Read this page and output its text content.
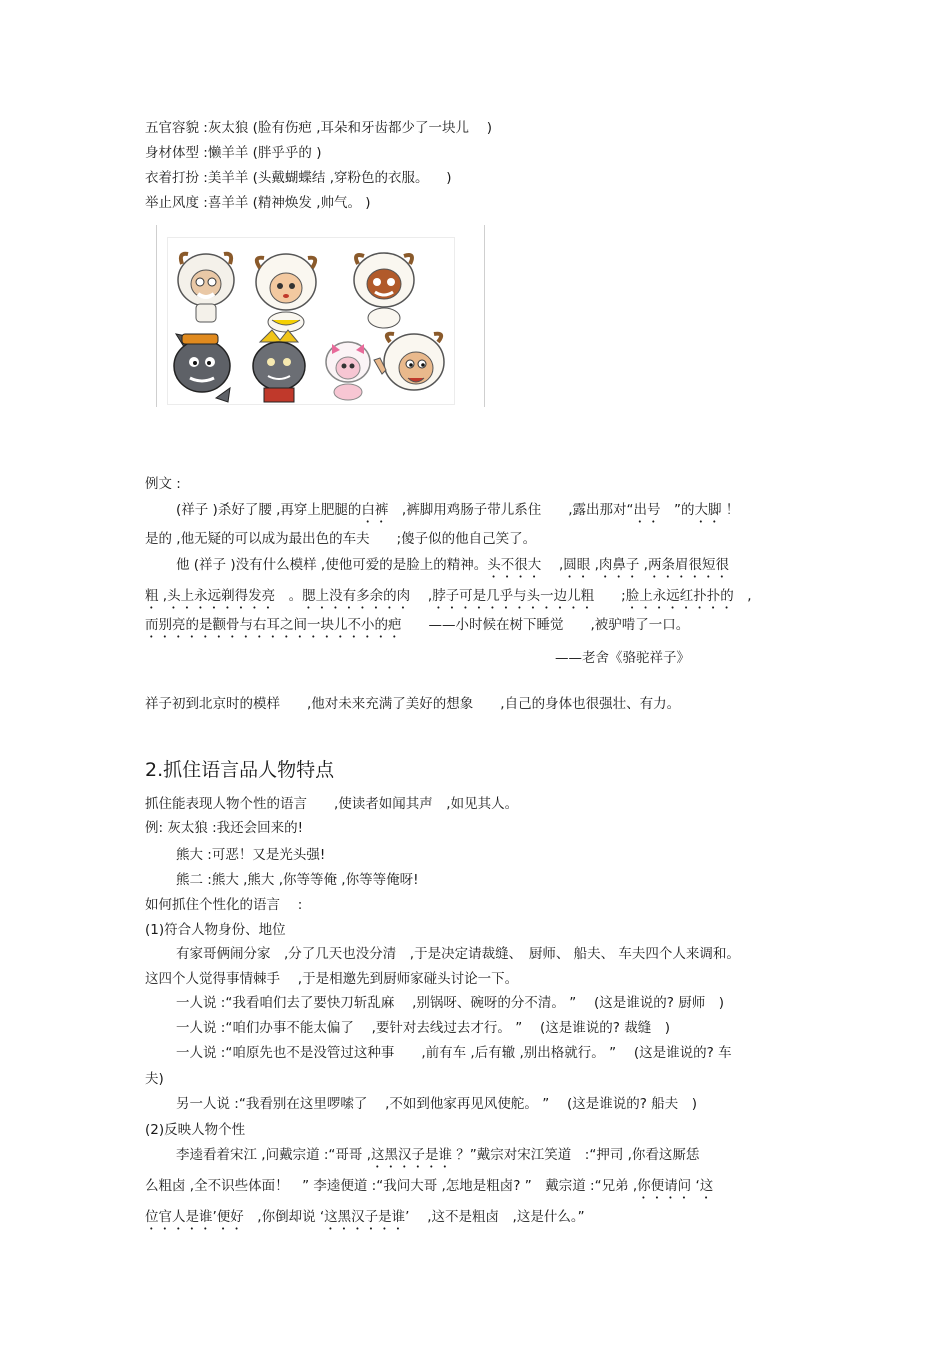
五官容貌 :灰太狼 (脸有伤疤 ,耳朵和牙齿都少了一块儿 　)
身材体型 :懒羊羊 (胖乎乎的 )
衣着打扮 :美羊羊 (头戴蝴蝶结 ,穿粉色的衣服。 　)
举止风度 :喜羊羊 (精神焕发 ,帅气。 )
例文 :
(祥子 )杀好了腰 ,再穿上肥腿的白裤　,裤脚用鸡肠子带儿系住　　,露出那对“出号　”的大脚 ！
是的 ,他无疑的可以成为最出色的车夫　　;傻子似的他自己笑了。
他 (祥子 )没有什么模样 ,使他可爱的是脸上的精神。头不很大　 ,圆眼 ,肉鼻子 ,两条眉很短很
粗 ,头上永远剃得发亮　。腮上没有多余的肉　 ,脖子可是几乎与头一边儿粗　　;脸上永远红扑扑的　,
而别亮的是颧骨与右耳之间一块儿不小的疤　　——小时候在树下睡觉　　,被驴啃了一口。
——老舍《骆驼祥子》
祥子初到北京时的模样　　,他对未来充满了美好的想象　　,自己的身体也很强壮、有力。
2.抓住语言品人物特点
抓住能表现人物个性的语言　　,使读者如闻其声　,如见其人。
例: 灰太狼 :我还会回来的!
熊大 :可恶！又是光头强!
熊二 :熊大 ,熊大 ,你等等俺 ,你等等俺呀!
如何抓住个性化的语言　 :
(1)符合人物身份、地位
有家哥俩闹分家　,分了几天也没分清　,于是决定请裁缝、　厨师、 船夫、 车夫四个人来调和。
这四个人觉得事情棘手　 ,于是相邀先到厨师家碰头讨论一下。
一人说 :“我看咱们去了要快刀斩乱麻　 ,别锅呀、碗呀的分不清。 ”　 (这是谁说的? 厨师　)
一人说 :“咱们办事不能太偏了　 ,要针对去线过去才行。 ”　 (这是谁说的? 裁缝　)
一人说 :“咱原先也不是没管过这种事　　,前有车 ,后有辙 ,别出格就行。 ”　 (这是谁说的? 车
夫)
另一人说 :“我看别在这里啰嗦了　 ,不如到他家再见风使舵。 ”　 (这是谁说的? 船夫　)
(2)反映人物个性
李逵看着宋江 ,问戴宗道 :“哥哥 ,这黑汉子是谁 ？”戴宗对宋江笑道　:“押司 ,你看这厮恁
么粗卤 ,全不识些体面！　” 李逵便道 :“我问大哥 ,怎地是粗卤? ”　戴宗道 :“兄弟 ,你便请问 ‘这
位官人是谁’便好　,你倒却说 ‘这黑汉子是谁’　 ,这不是粗卤　,这是什么。”
